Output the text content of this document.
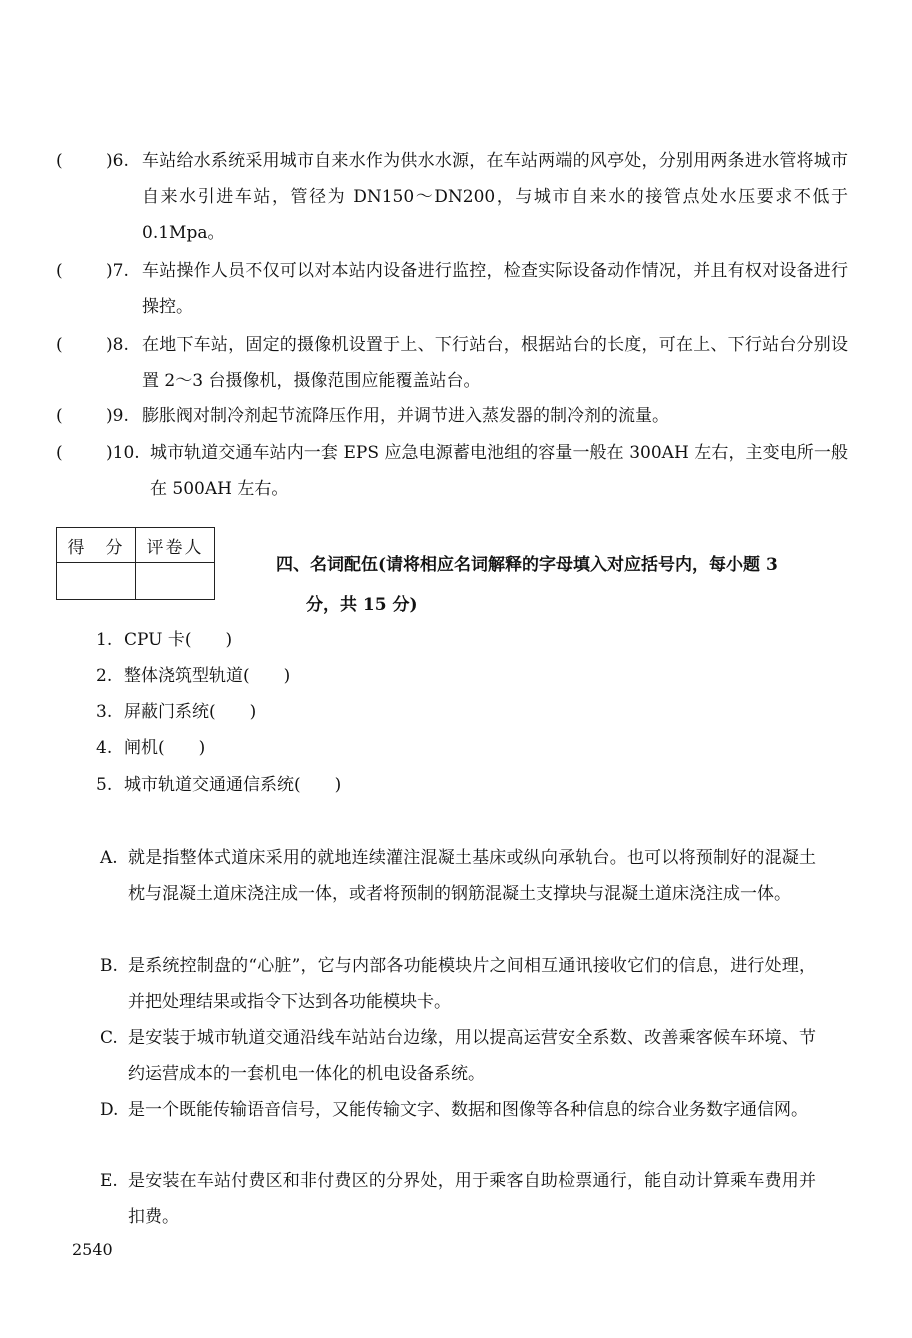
(	)6. 车站给水系统采用城市自来水作为供水水源，在车站两端的风亭处，分别用两条进水管将城市自来水引进车站，管径为 DN150～DN200，与城市自来水的接管点处水压要求不低于 0.1Mpa。
(	)7. 车站操作人员不仅可以对本站内设备进行监控，检查实际设备动作情况，并且有权对设备进行操控。
(	)8. 在地下车站，固定的摄像机设置于上、下行站台，根据站台的长度，可在上、下行站台分别设置 2～3 台摄像机，摄像范围应能覆盖站台。
(	)9. 膨胀阀对制冷剂起节流降压作用，并调节进入蒸发器的制冷剂的流量。
(	)10. 城市轨道交通车站内一套 EPS 应急电源蓄电池组的容量一般在 300AH 左右，主变电所一般在 500AH 左右。
得　分	评卷人

四、名词配伍(请将相应名词解释的字母填入对应括号内，每小题 3
分，共 15 分)
1. CPU 卡(　　)
2. 整体浇筑型轨道(　　)
3. 屏蔽门系统(　　)
4. 闸机(　　)
5. 城市轨道交通通信系统(　　)
A. 就是指整体式道床采用的就地连续灌注混凝土基床或纵向承轨台。也可以将预制好的混凝土枕与混凝土道床浇注成一体，或者将预制的钢筋混凝土支撑块与混凝土道床浇注成一体。
B. 是系统控制盘的“心脏”，它与内部各功能模块片之间相互通讯接收它们的信息，进行处理，并把处理结果或指令下达到各功能模块卡。
C. 是安装于城市轨道交通沿线车站站台边缘，用以提高运营安全系数、改善乘客候车环境、节约运营成本的一套机电一体化的机电设备系统。
D. 是一个既能传输语音信号，又能传输文字、数据和图像等各种信息的综合业务数字通信网。
E. 是安装在车站付费区和非付费区的分界处，用于乘客自助检票通行，能自动计算乘车费用并扣费。
2540
